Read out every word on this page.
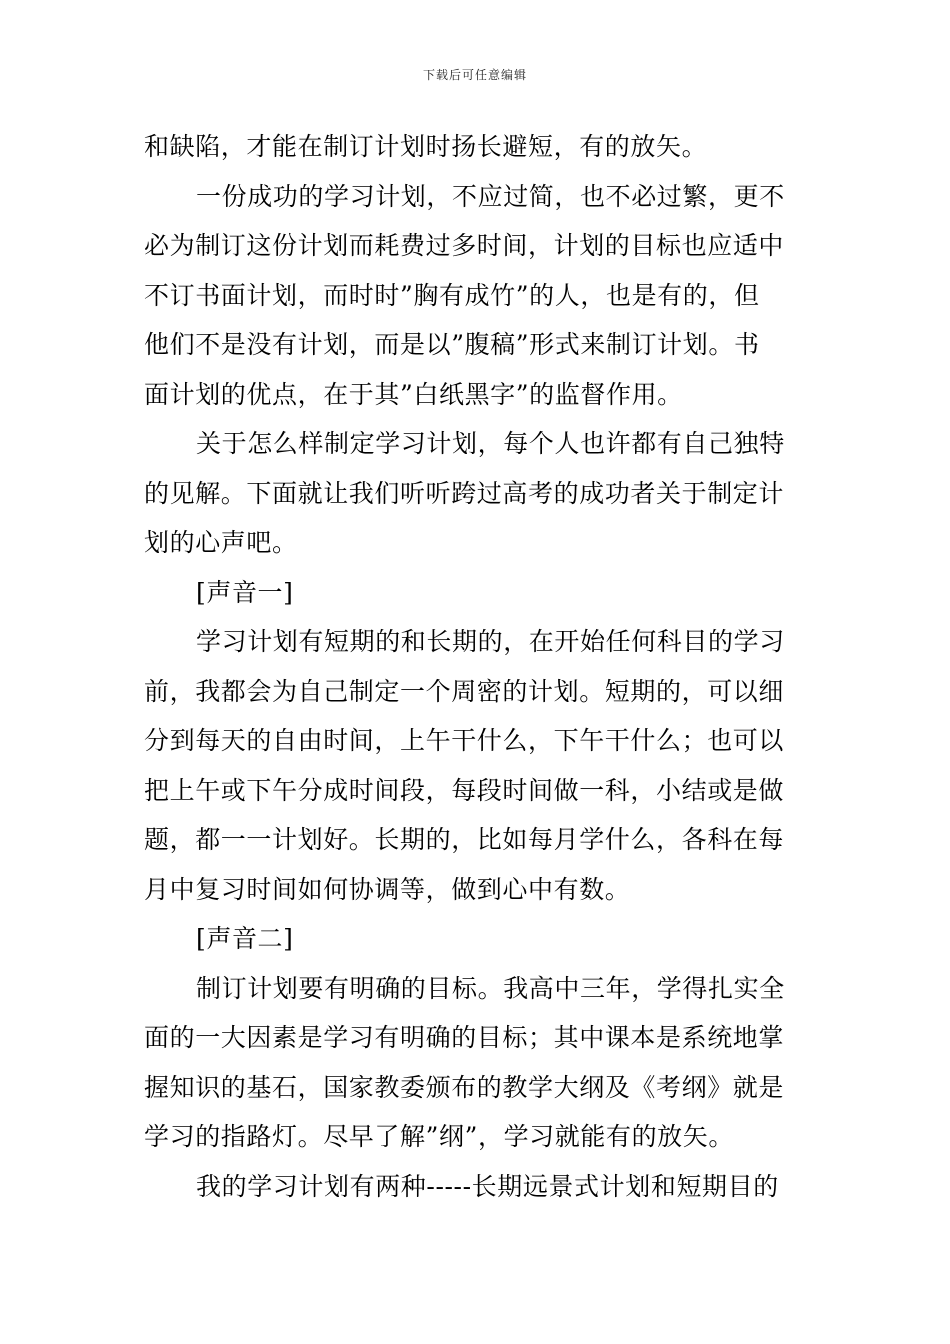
下载后可任意编辑
和缺陷，才能在制订计划时扬长避短，有的放矢。
一份成功的学习计划，不应过简，也不必过繁，更不
必为制订这份计划而耗费过多时间，计划的目标也应适中
不订书面计划，而时时”胸有成竹”的人，也是有的，但
他们不是没有计划，而是以”腹稿”形式来制订计划。书
面计划的优点，在于其”白纸黑字”的监督作用。
关于怎么样制定学习计划，每个人也许都有自己独特
的见解。下面就让我们听听跨过高考的成功者关于制定计
划的心声吧。
[声音一]
学习计划有短期的和长期的，在开始任何科目的学习
前，我都会为自己制定一个周密的计划。短期的，可以细
分到每天的自由时间，上午干什么，下午干什么；也可以
把上午或下午分成时间段，每段时间做一科，小结或是做
题，都一一计划好。长期的，比如每月学什么，各科在每
月中复习时间如何协调等，做到心中有数。
[声音二]
制订计划要有明确的目标。我高中三年，学得扎实全
面的一大因素是学习有明确的目标；其中课本是系统地掌
握知识的基石，国家教委颁布的教学大纲及《考纲》就是
学习的指路灯。尽早了解”纲”，学习就能有的放矢。
我的学习计划有两种-----长期远景式计划和短期目的
